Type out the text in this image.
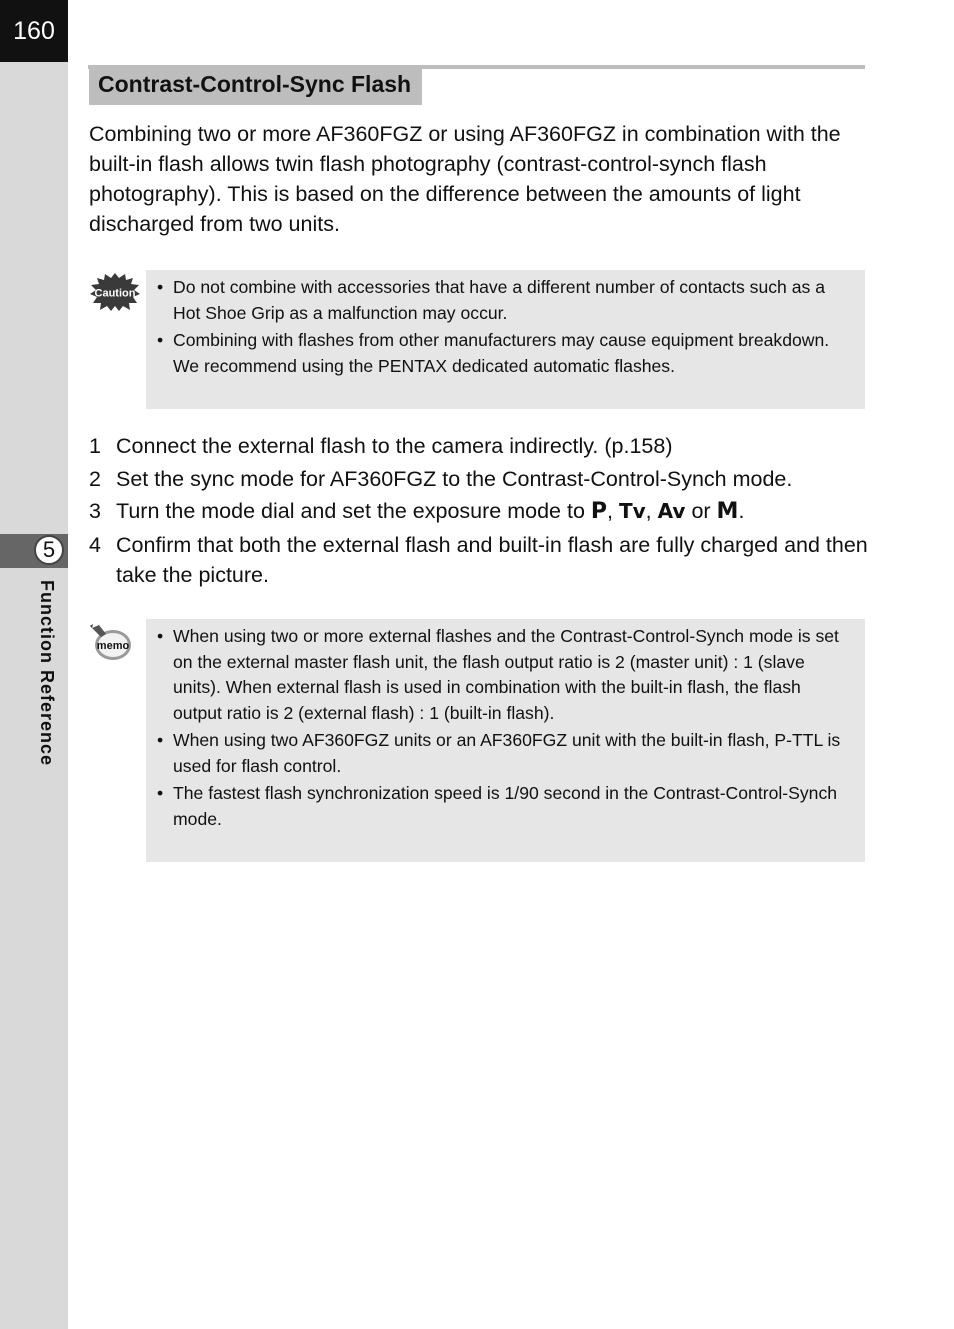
160
5
Function Reference
Contrast-Control-Sync Flash

Combining two or more AF360FGZ or using AF360FGZ in combination with the built-in flash allows twin flash photography (contrast-control-synch flash photography). This is based on the difference between the amounts of light discharged from two units.

Caution	• Do not combine with accessories that have a different number of contacts such as a Hot Shoe Grip as a malfunction may occur.
• Combining with flashes from other manufacturers may cause equipment breakdown. We recommend using the PENTAX dedicated automatic flashes.
1 Connect the external flash to the camera indirectly. (p.158)
2 Set the sync mode for AF360FGZ to the Contrast-Control-Synch mode.
3 Turn the mode dial and set the exposure mode to P, Tv, Av or M.
4 Confirm that both the external flash and built-in flash are fully charged and then take the picture.
memo	• When using two or more external flashes and the Contrast-Control-Synch mode is set on the external master flash unit, the flash output ratio is 2 (master unit) : 1 (slave units). When external flash is used in combination with the built-in flash, the flash output ratio is 2 (external flash) : 1 (built-in flash).
• When using two AF360FGZ units or an AF360FGZ unit with the built-in flash, P-TTL is used for flash control.
• The fastest flash synchronization speed is 1/90 second in the Contrast-Control-Synch mode.
